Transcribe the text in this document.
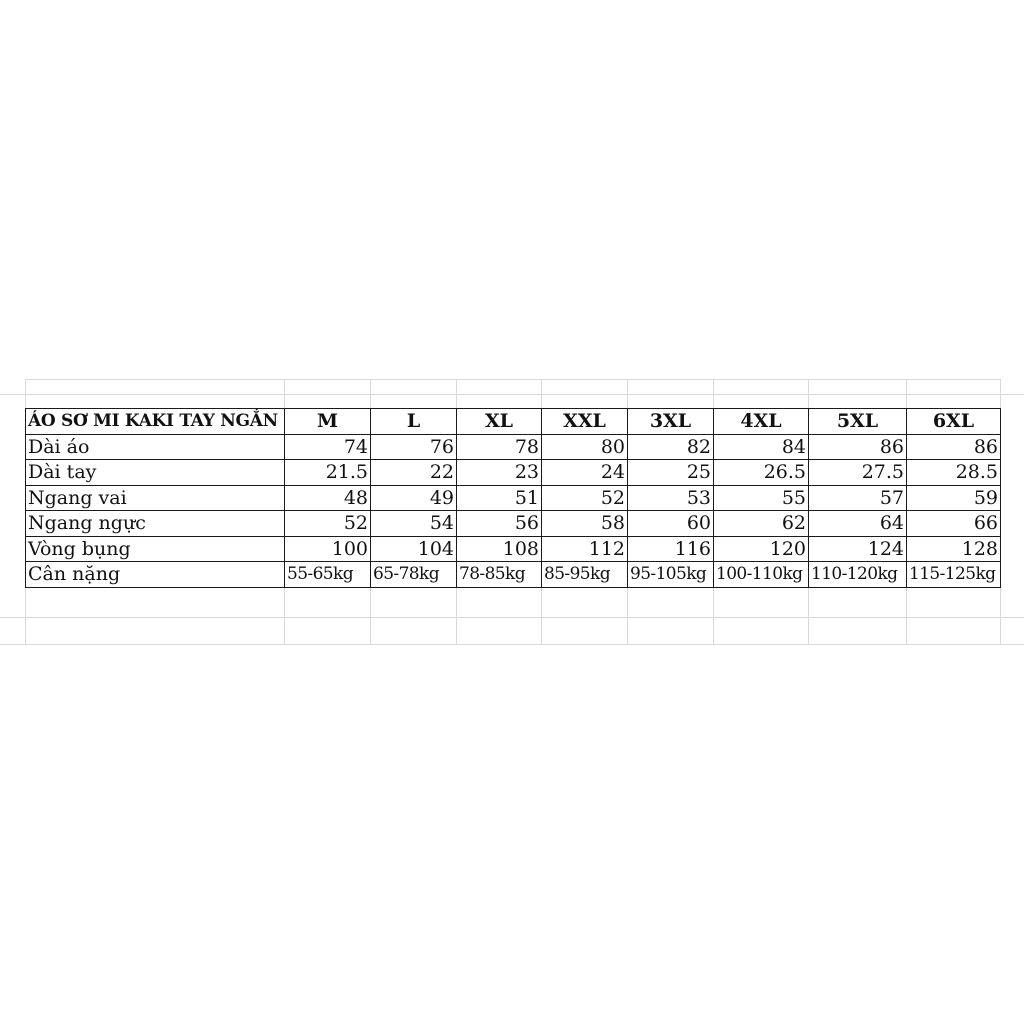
ÁO SƠ MI KAKI TAY NGẮN	M	L	XL	XXL	3XL	4XL	5XL	6XL
Dài áo	74	76	78	80	82	84	86	86
Dài tay	21.5	22	23	24	25	26.5	27.5	28.5
Ngang vai	48	49	51	52	53	55	57	59
Ngang ngực	52	54	56	58	60	62	64	66
Vòng bụng	100	104	108	112	116	120	124	128
Cân nặng	55-65kg	65-78kg	78-85kg	85-95kg	95-105kg	100-110kg	110-120kg	115-125kg
